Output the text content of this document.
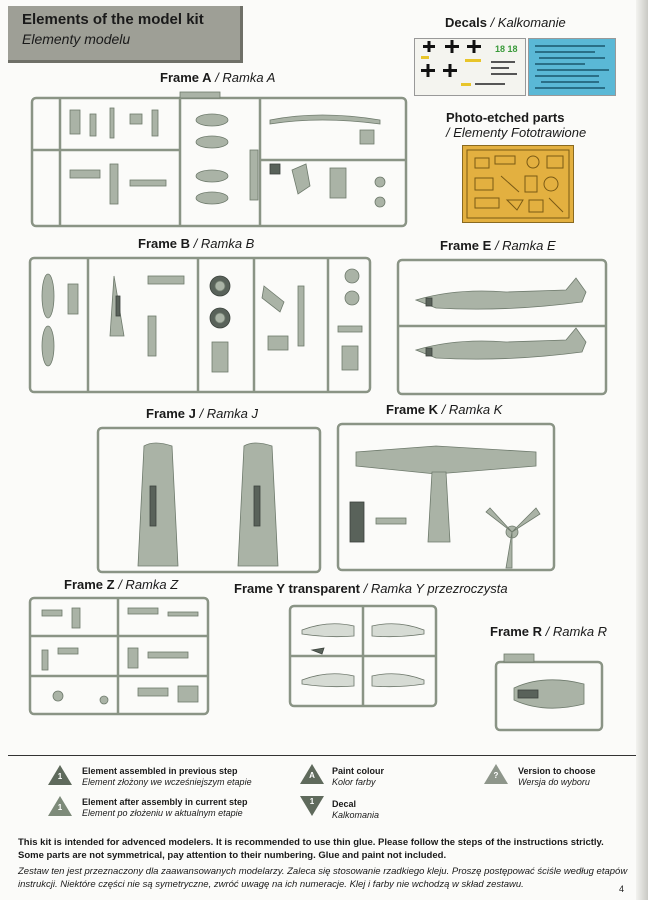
Elements of the model kit
Elementy modelu
Decals / Kalkomanie
18 18
Photo-etched parts
/ Elementy Fototrawione
Frame A / Ramka A
Frame B / Ramka B	Frame E / Ramka E
Frame J / Ramka J	Frame K / Ramka K
Frame Z / Ramka Z	Frame Y transparent / Ramka Y przezroczysta
Frame R / Ramka R
1
Element assembled in previous step
Element złożony we wcześniejszym etapie
1
Element after assembly in current step
Element po złożeniu w aktualnym etapie
A	Paint colour
Kolor farby
1	Decal
Kalkomania
?	Version to choose
Wersja do wyboru
This kit is intended for advenced modelers. It is recommended to use thin glue. Please follow the steps of the instructions strictly. Some parts are not symmetrical, pay attention to their numbering. Glue and paint not included.
Zestaw ten jest przeznaczony dla zaawansowanych modelarzy. Zaleca się stosowanie rzadkiego kleju. Proszę postępować ściśle według etapów instrukcji. Niektóre części nie są symetryczne, zwróć uwagę na ich numeracje. Klej i farby nie wchodzą w skład zestawu.	4
